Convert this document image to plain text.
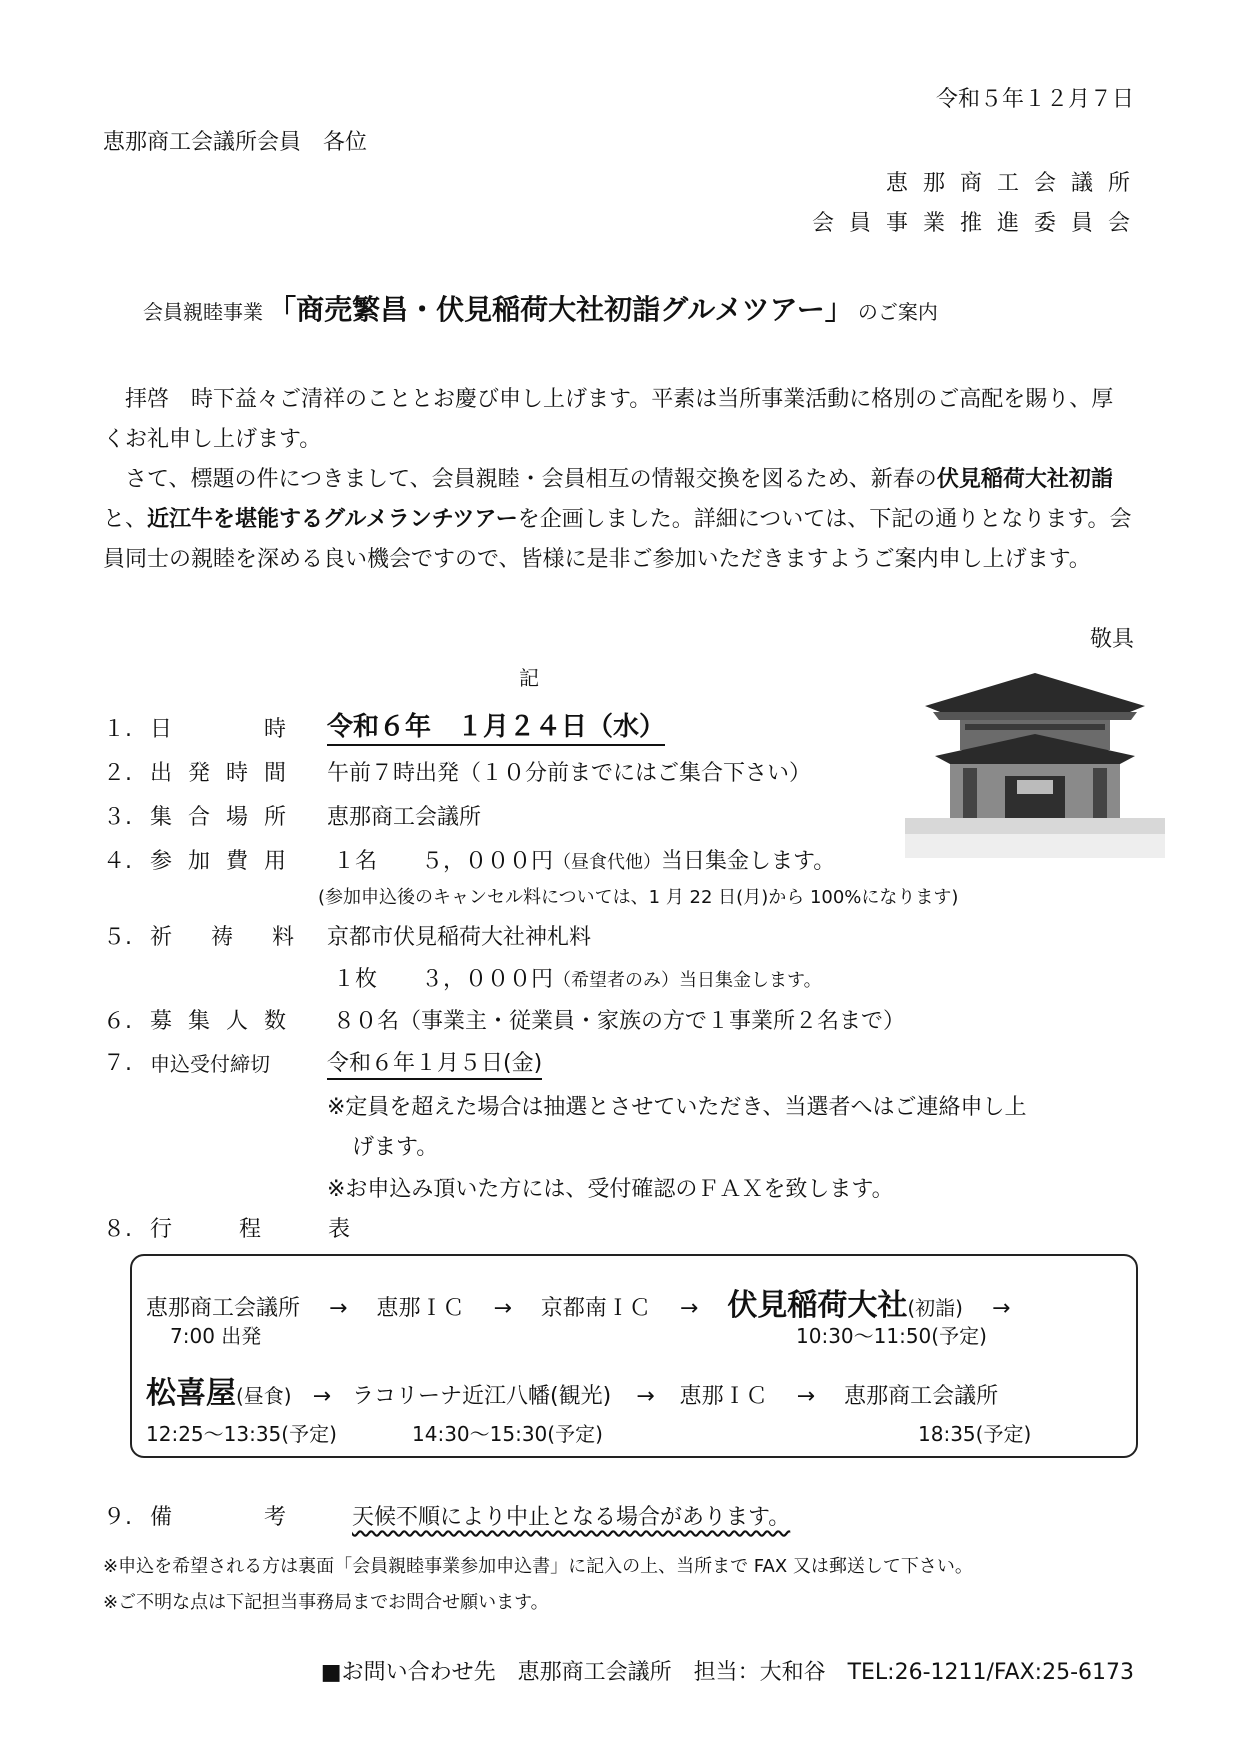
令和５年１２月７日
恵那商工会議所会員　各位
恵 那 商 工 会 議 所
会 員 事 業 推 進 委 員 会
会員親睦事業 「商売繁昌・伏見稲荷大社初詣グルメツアー」 のご案内

拝啓　時下益々ご清祥のこととお慶び申し上げます。平素は当所事業活動に格別のご高配を賜り、厚くお礼申し上げます。

さて、標題の件につきまして、会員親睦・会員相互の情報交換を図るため、新春の伏見稲荷大社初詣と、近江牛を堪能するグルメランチツアーを企画しました。詳細については、下記の通りとなります。会員同士の親睦を深める良い機会ですので、皆様に是非ご参加いただきますようご案内申し上げます。

敬具
記
１. 日　　時 令和６年　１月２４日（水）
２. 出発時間 午前７時出発（１０分前までにはご集合下さい）
３. 集合場所 恵那商工会議所
４. 参加費用 １名　　５，０００円（昼食代他）当日集金します。
(参加申込後のキャンセル料については、1 月 22 日(月)から 100%になります)
５. 祈 祷 料 京都市伏見稲荷大社神札料
１枚　　３，０００円（希望者のみ）当日集金します。
６. 募集人数 ８０名（事業主・従業員・家族の方で１事業所２名まで）
７. 申込受付締切	令和６年１月５日(金)
※定員を超えた場合は抽選とさせていただき、当選者へはご連絡申し上
げます。
※お申込み頂いた方には、受付確認のＦＡＸを致します。
８. 行 程 表
恵那商工会議所 → 恵那ＩＣ → 京都南ＩＣ → 伏見稲荷大社(初詣) →
7:00 出発	10:30～11:50(予定)
松喜屋(昼食) → ラコリーナ近江八幡(観光) → 恵那ＩＣ → 恵那商工会議所
12:25～13:35(予定)	14:30～15:30(予定)	18:35(予定)
９. 備　　考 天候不順により中止となる場合があります。
※申込を希望される方は裏面「会員親睦事業参加申込書」に記入の上、当所まで FAX 又は郵送して下さい。
※ご不明な点は下記担当事務局までお問合せ願います。
■お問い合わせ先　恵那商工会議所　担当：大和谷　TEL:26-1211/FAX:25-6173
